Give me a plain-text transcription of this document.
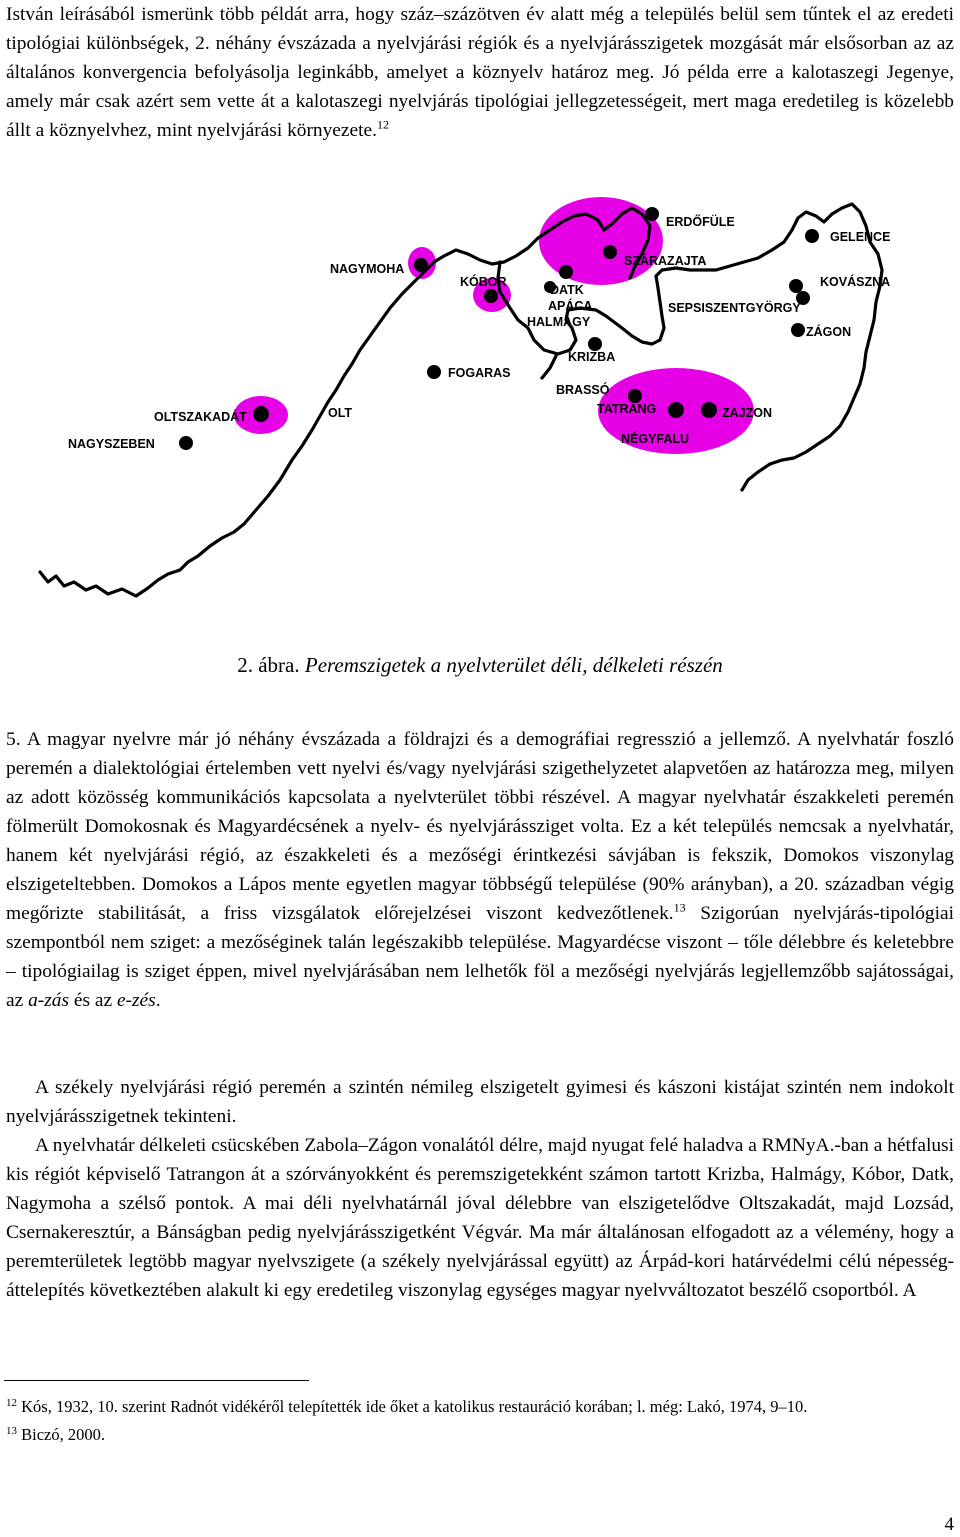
István leírásából ismerünk több példát arra, hogy száz–százötven év alatt még a település belül sem tűntek el az eredeti tipológiai különbségek, 2. néhány évszázada a nyelvjárási régiók és a nyelvjárásszigetek mozgását már elsősorban az az általános konvergencia befolyásolja leginkább, amelyet a köznyelv határoz meg. Jó példa erre a kalotaszegi Jegenye, amely már csak azért sem vette át a kalotaszegi nyelvjárás tipológiai jellegzetességeit, mert maga eredetileg is közelebb állt a köznyelvhez, mint nyelvjárási környezete.$^{12}$

ERDŐFÜLE
GELENCE
SZÁRAZAJTA
NAGYMOHA
KÓBOR	KOVÁSZNA
DATK
APÁCA
HALMAGY
SEPSISZENTGYÖRGY
ZÁGON
KRIZBA
FOGARAS
BRASSÓ
TATRANG	ZAJZON
OLTSZAKADÁT	OLT
NÉGYFALU
NAGYSZEBEN
2. ábra. Peremszigetek a nyelvterület déli, délkeleti részén

5. A magyar nyelvre már jó néhány évszázada a földrajzi és a demográfiai regresszió a jellemző. A nyelvhatár foszló peremén a dialektológiai értelemben vett nyelvi és/vagy nyelvjárási szigethelyzetet alapvetően az határozza meg, milyen az adott közösség kommunikációs kapcsolata a nyelvterület többi részével. A magyar nyelvhatár északkeleti peremén fölmerült Domokosnak és Magyardécsének a nyelv- és nyelvjárássziget volta. Ez a két település nemcsak a nyelvhatár, hanem két nyelvjárási régió, az északkeleti és a mezőségi érintkezési sávjában is fekszik, Domokos viszonylag elszigeteltebben. Domokos a Lápos mente egyetlen magyar többségű települése (90% arányban), a 20. században végig megőrizte stabilitását, a friss vizsgálatok előrejelzései viszont kedvezőtlenek.$^{13}$ Szigorúan nyelvjárás-tipológiai szempontból nem sziget: a mezőséginek talán legészakibb települése. Magyardécse viszont – tőle délebbre és keletebbre – tipológiailag is sziget éppen, mivel nyelvjárásában nem lelhetők föl a mezőségi nyelvjárás legjellemzőbb sajátosságai, az a-zás és az e-zés.

A székely nyelvjárási régió peremén a szintén némileg elszigetelt gyimesi és kászoni kistájat szintén nem indokolt nyelvjárásszigetnek tekinteni.

A nyelvhatár délkeleti csücskében Zabola–Zágon vonalától délre, majd nyugat felé haladva a RMNyA.-ban a hétfalusi kis régiót képviselő Tatrangon át a szórványokként és peremszigetekként számon tartott Krizba, Halmágy, Kóbor, Datk, Nagymoha a szélső pontok. A mai déli nyelvhatárnál jóval délebbre van elszigetelődve Oltszakadát, majd Lozsád, Csernakeresztúr, a Bánságban pedig nyelvjárásszigetként Végvár. Ma már általánosan elfogadott az a vélemény, hogy a peremterületek legtöbb magyar nyelvszigete (a székely nyelvjárással együtt) az Árpád-kori határvédelmi célú népesség-áttelepítés következtében alakult ki egy eredetileg viszonylag egységes magyar nyelvváltozatot beszélő csoportból. A

$^{12}$ Kós, 1932, 10. szerint Radnót vidékéről telepítették ide őket a katolikus restauráció korában; l. még: Lakó, 1974, 9–10.

$^{13}$ Biczó, 2000.

4
